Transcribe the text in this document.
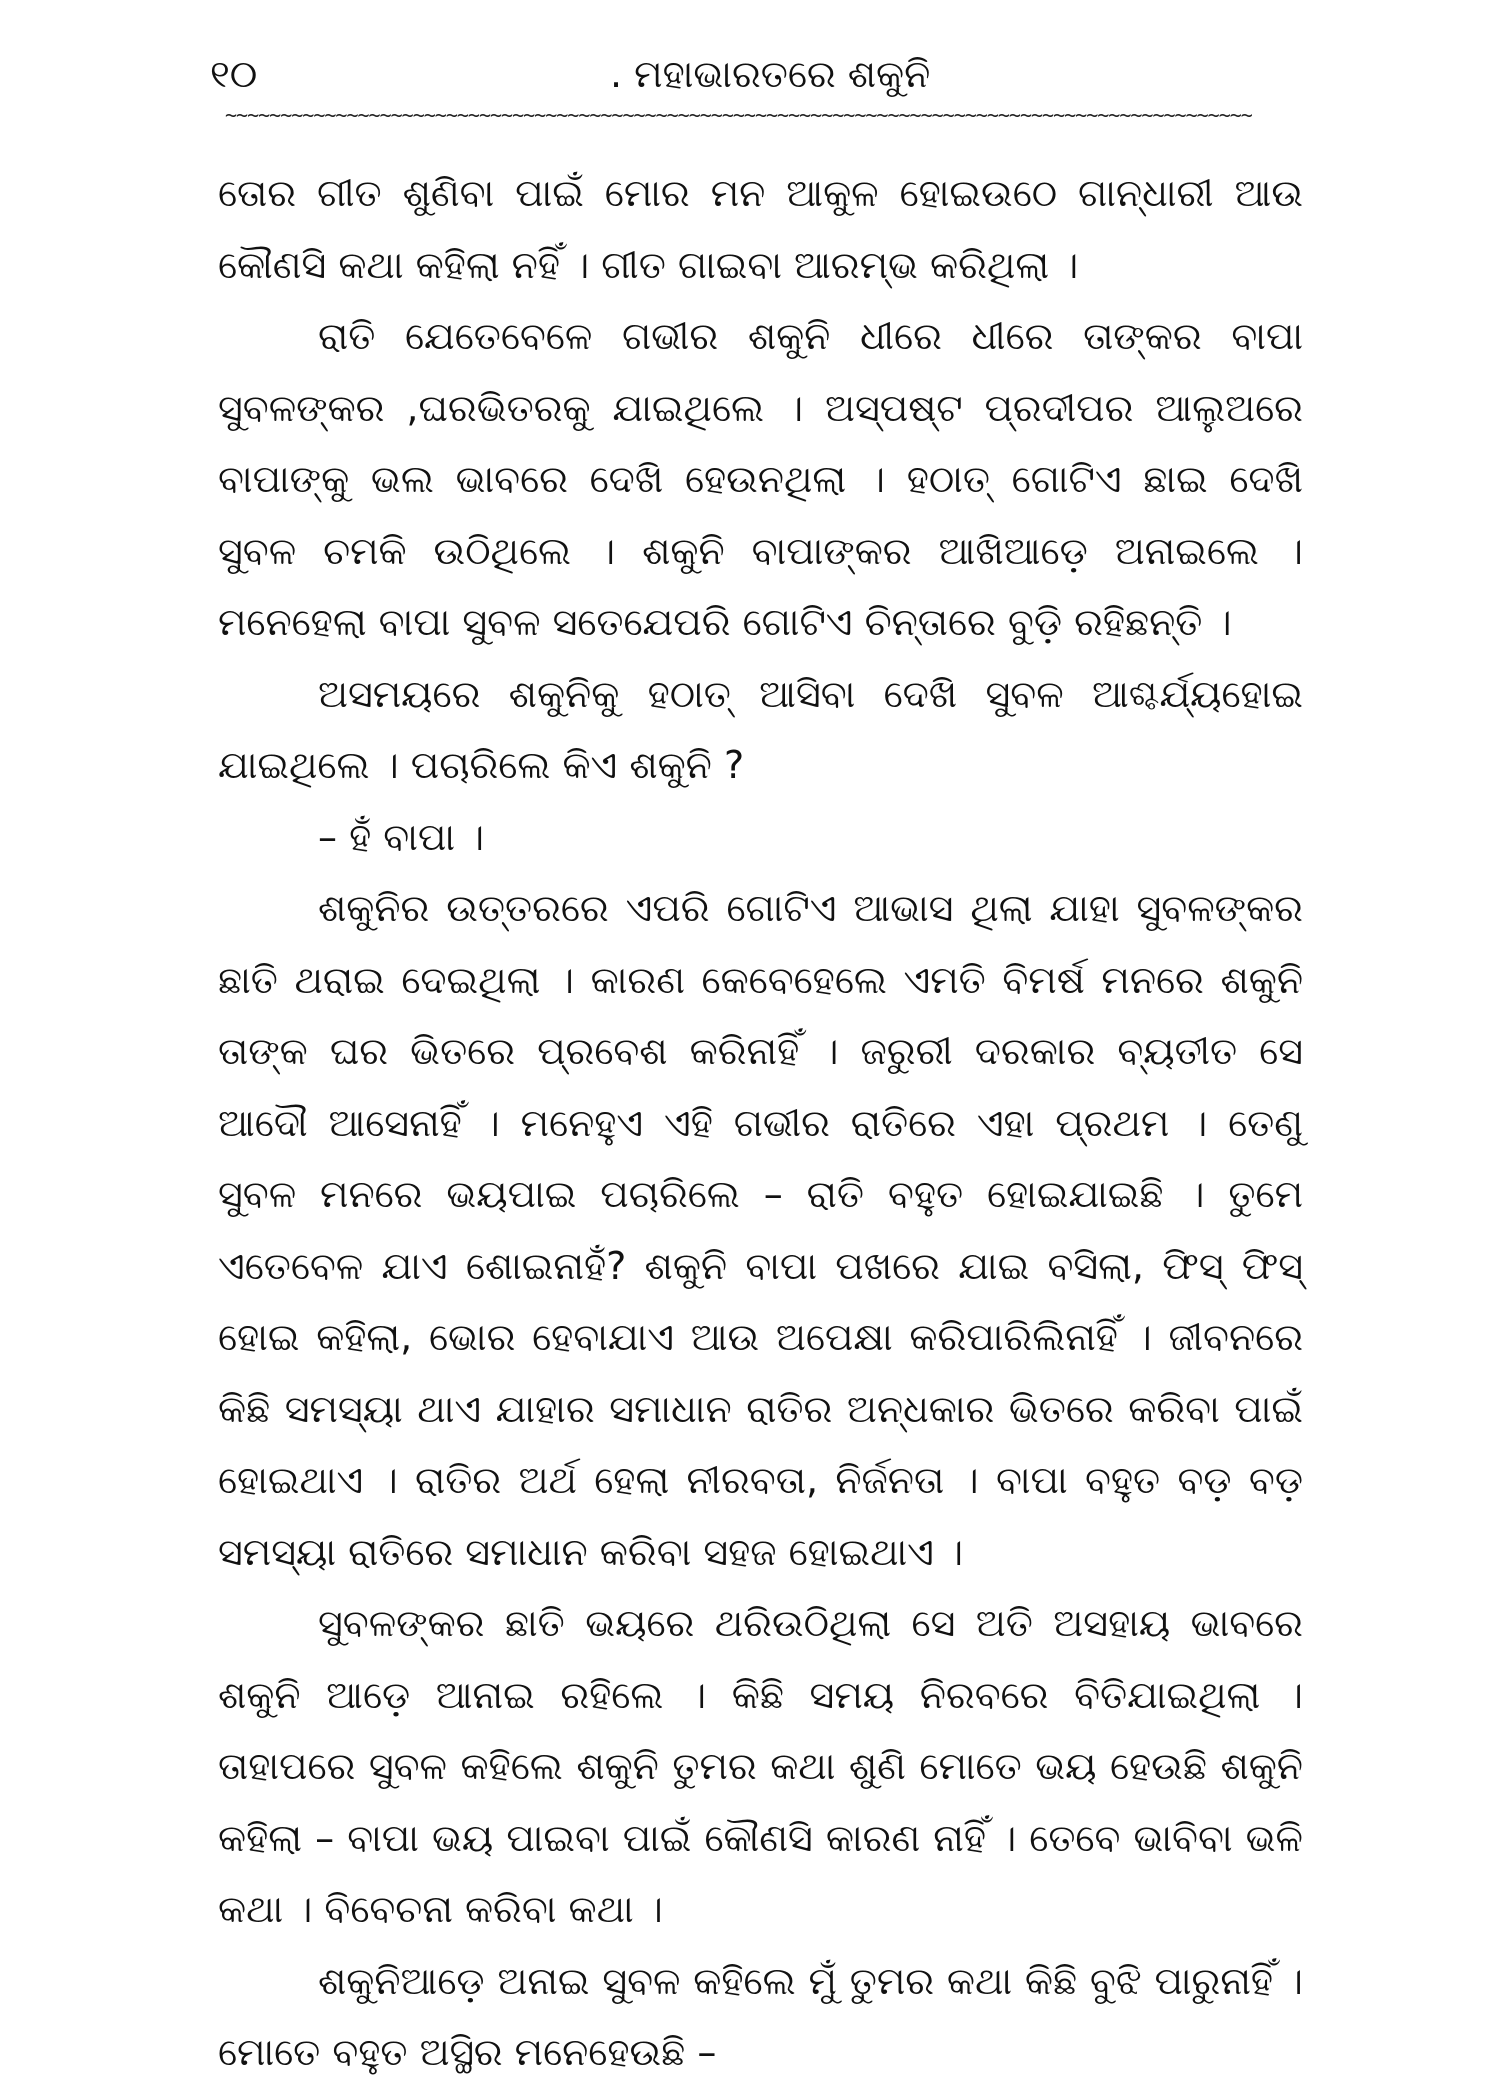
୧୦	. ମହାଭାରତରେ ଶକୁନି
~~~~~~~~~~~~~~~~~~~~~~~~~~~~~~~~~~~~~~~~~~~~~~~~~~~~~~~~~~~~~~~~~~~~~~~~~~~~~~~~~~~~~~~~~~~~~

ତୋର ଗୀତ ଶୁଣିବା ପାଇଁ ମୋର ମନ ଆକୁଳ ହୋଇଉଠେ ଗାନ୍ଧାରୀ ଆଉ କୌଣସି କଥା କହିଲା ନହିଁ । ଗୀତ ଗାଇବା ଆରମ୍ଭ କରିଥିଲା ।

ରାତି ଯେତେବେଳେ ଗଭୀର ଶକୁନି ଧୀରେ ଧୀରେ ତାଙ୍କର ବାପା ସୁବଳଙ୍କର ,ଘରଭିତରକୁ ଯାଇଥିଲେ । ଅସ୍ପଷ୍ଟ ପ୍ରଦୀପର ଆଲୁଅରେ ବାପାଙ୍କୁ ଭଲ ଭାବରେ ଦେଖି ହେଉନଥିଲା । ହଠାତ୍ ଗୋଟିଏ ଛାଇ ଦେଖି ସୁବଳ ଚମକି ଉଠିଥିଲେ । ଶକୁନି ବାପାଙ୍କର ଆଖିଆଡ଼େ ଅନାଇଲେ । ମନେହେଲା ବାପା ସୁବଳ ସତେଯେପରି ଗୋଟିଏ ଚିନ୍ତାରେ ବୁଡ଼ି ରହିଛନ୍ତି ।

ଅସମୟରେ ଶକୁନିକୁ ହଠାତ୍ ଆସିବା ଦେଖି ସୁବଳ ଆଶ୍ଚର୍ଯ୍ୟହୋଇ ଯାଇଥିଲେ । ପଚାରିଲେ କିଏ ଶକୁନି ?

– ହଁ ବାପା ।

ଶକୁନିର ଉତ୍ତରରେ ଏପରି ଗୋଟିଏ ଆଭାସ ଥିଲା ଯାହା ସୁବଳଙ୍କର ଛାତି ଥରାଇ ଦେଇଥିଲା । କାରଣ କେବେହେଲେ ଏମତି ବିମର୍ଷ ମନରେ ଶକୁନି ତାଙ୍କ ଘର ଭିତରେ ପ୍ରବେଶ କରିନାହିଁ । ଜରୁରୀ ଦରକାର ବ୍ୟତୀତ ସେ ଆଦୌ ଆସେନାହିଁ । ମନେହୁଏ ଏହି ଗଭୀର ରାତିରେ ଏହା ପ୍ରଥମ । ତେଣୁ ସୁବଳ ମନରେ ଭୟପାଇ ପଚାରିଲେ – ରାତି ବହୁତ ହୋଇଯାଇଛି । ତୁମେ ଏତେବେଳ ଯାଏ ଶୋଇନାହଁ? ଶକୁନି ବାପା ପଖରେ ଯାଇ ବସିଲା, ଫିସ୍ ଫିସ୍ ହୋଇ କହିଲା, ଭୋର ହେବାଯାଏ ଆଉ ଅପେକ୍ଷା କରିପାରିଲିନାହିଁ । ଜୀବନରେ କିଛି ସମସ୍ୟା ଥାଏ ଯାହାର ସମାଧାନ ରାତିର ଅନ୍ଧକାର ଭିତରେ କରିବା ପାଇଁ ହୋଇଥାଏ । ରାତିର ଅର୍ଥ ହେଲା ନୀରବତା, ନିର୍ଜନତା । ବାପା ବହୁତ ବଡ଼ ବଡ଼ ସମସ୍ୟା ରାତିରେ ସମାଧାନ କରିବା ସହଜ ହୋଇଥାଏ ।

ସୁବଳଙ୍କର ଛାତି ଭୟରେ ଥରିଉଠିଥିଲା ସେ ଅତି ଅସହାୟ ଭାବରେ ଶକୁନି ଆଡ଼େ ଆନାଇ ରହିଲେ । କିଛି ସମୟ ନିରବରେ ବିତିଯାଇଥିଲା । ତାହାପରେ ସୁବଳ କହିଲେ ଶକୁନି ତୁମର କଥା ଶୁଣି ମୋତେ ଭୟ ହେଉଛି ଶକୁନି କହିଲା – ବାପା ଭୟ ପାଇବା ପାଇଁ କୌଣସି କାରଣ ନାହିଁ । ତେବେ ଭାବିବା ଭଳି କଥା । ବିବେଚନା କରିବା କଥା ।

ଶକୁନିଆଡ଼େ ଅନାଇ ସୁବଳ କହିଲେ ମୁଁ ତୁମର କଥା କିଛି ବୁଝି ପାରୁନାହିଁ । ମୋତେ ବହୁତ ଅସ୍ଥିର ମନେହେଉଛି –
